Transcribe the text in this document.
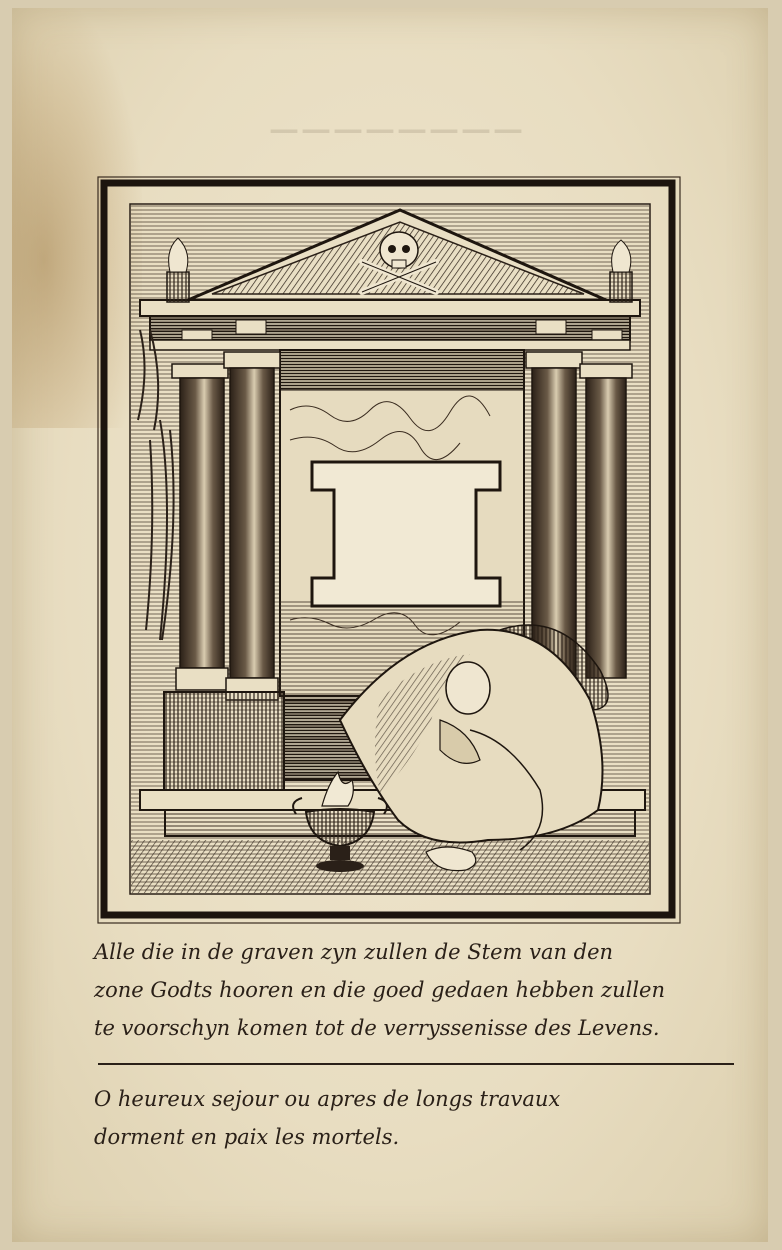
————————

Alle die in de graven zyn zullen de Stem van den
zone Godts hooren en die goed gedaen hebben zullen
te voorschyn komen tot de verryssenisse des Levens.

O heureux sejour ou apres de longs travaux
dorment en paix les mortels.
